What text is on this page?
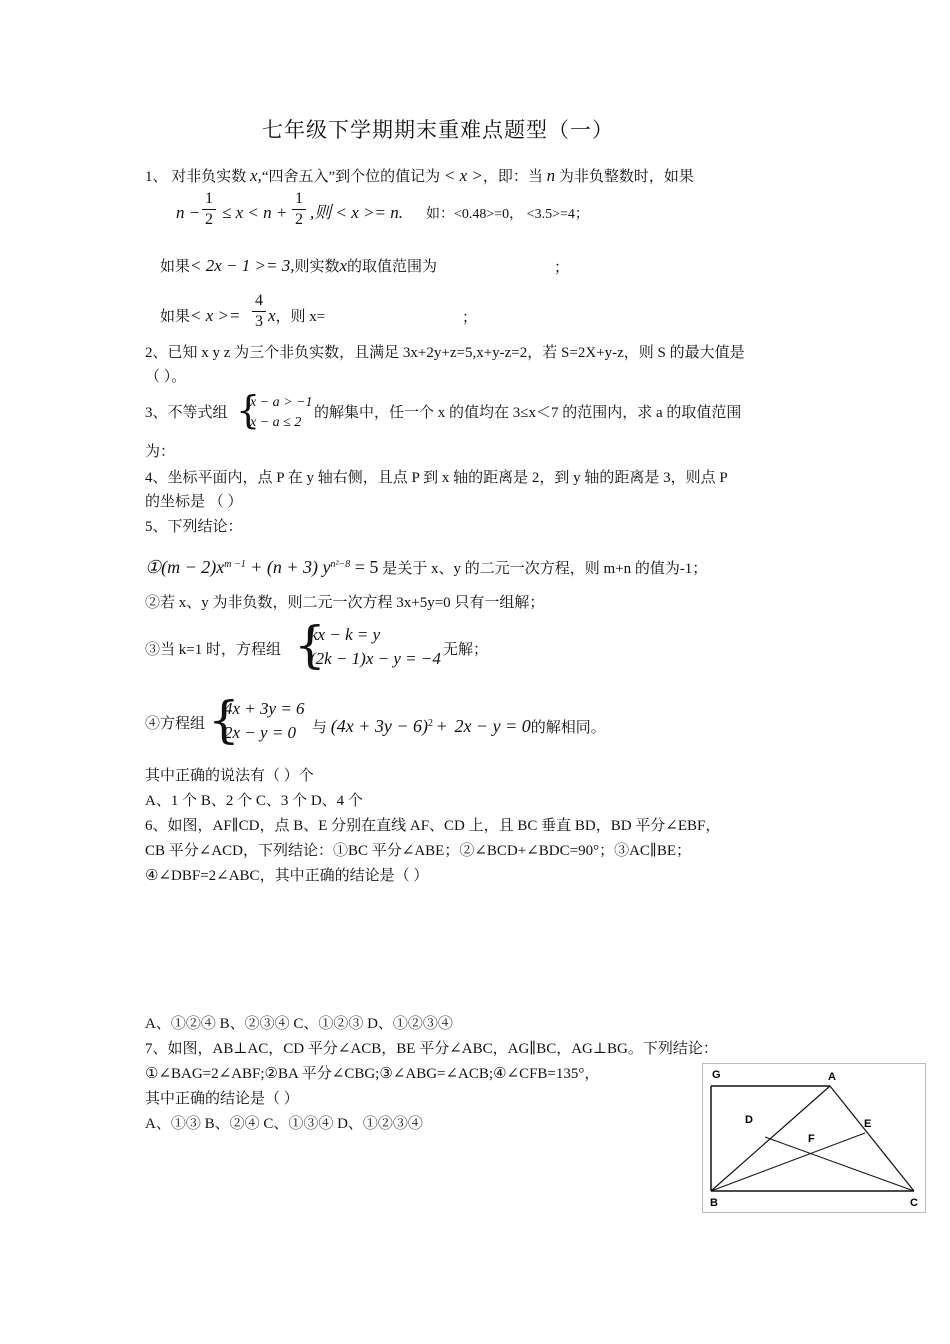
七年级下学期期末重难点题型（一）
1、 对非负实数 x,“四舍五入”到个位的值记为 < x >，即：当 n 为非负整数时，如果
n −
1
2 ≤ x < n +
1
2 ,则 < x >= n. 如：<0.48>=0， <3.5>=4；
如果< 2x − 1 >= 3,则实数x的取值范围为	；
如果< x >=
4
3 x，则 x=	；
2、已知 x y z 为三个非负实数，且满足 3x+2y+z=5,x+y-z=2，若 S=2X+y-z，则 S 的最大值是
（ ）。
3、不等式组 {
x − a > −1
x − a ≤ 2
的解集中，任一个 x 的值均在 3≤x＜7 的范围内，求 a 的取值范围
为：
4、坐标平面内，点 P 在 y 轴右侧，且点 P 到 x 轴的距离是 2，到 y 轴的距离是 3，则点 P
的坐标是 （ ）
5、下列结论：
①(m − $2)x^{m -1} + (n + 3)$ $y^{n^2-8} = 5$ 是关于 x、y 的二元一次方程，则 m+n 的值为-1；
②若 x、y 为非负数，则二元一次方程 3x+5y=0 只有一组解；
③当 k=1 时，方程组 {
kx − k = y
(2k − 1)x − y = −4 无解；
④方程组 {
4x + 3y = 6
2x − y = 0	与 $(4x + 3y - 6)^2 + 2x - y = 0$的解相同。
其中正确的说法有（ ）个
A、1 个 B、2 个 C、3 个 D、4 个
6、如图，AF∥CD，点 B、E 分别在直线 AF、CD 上，且 BC 垂直 BD，BD 平分∠EBF，
CB 平分∠ACD，下列结论：①BC 平分∠ABE；②∠BCD+∠BDC=90°；③AC∥BE；
④∠DBF=2∠ABC，其中正确的结论是（ ）
A、①②④ B、②③④ C、①②③ D、①②③④
7、如图，AB⊥AC，CD 平分∠ACB，BE 平分∠ABC，AG∥BC，AG⊥BG。下列结论：
①∠BAG=2∠ABF;②BA 平分∠CBG;③∠ABG=∠ACB;④∠CFB=135°，
其中正确的结论是（ ）
A、①③ B、②④ C、①③④ D、①②③④
G	A
D	E
F
B	C
